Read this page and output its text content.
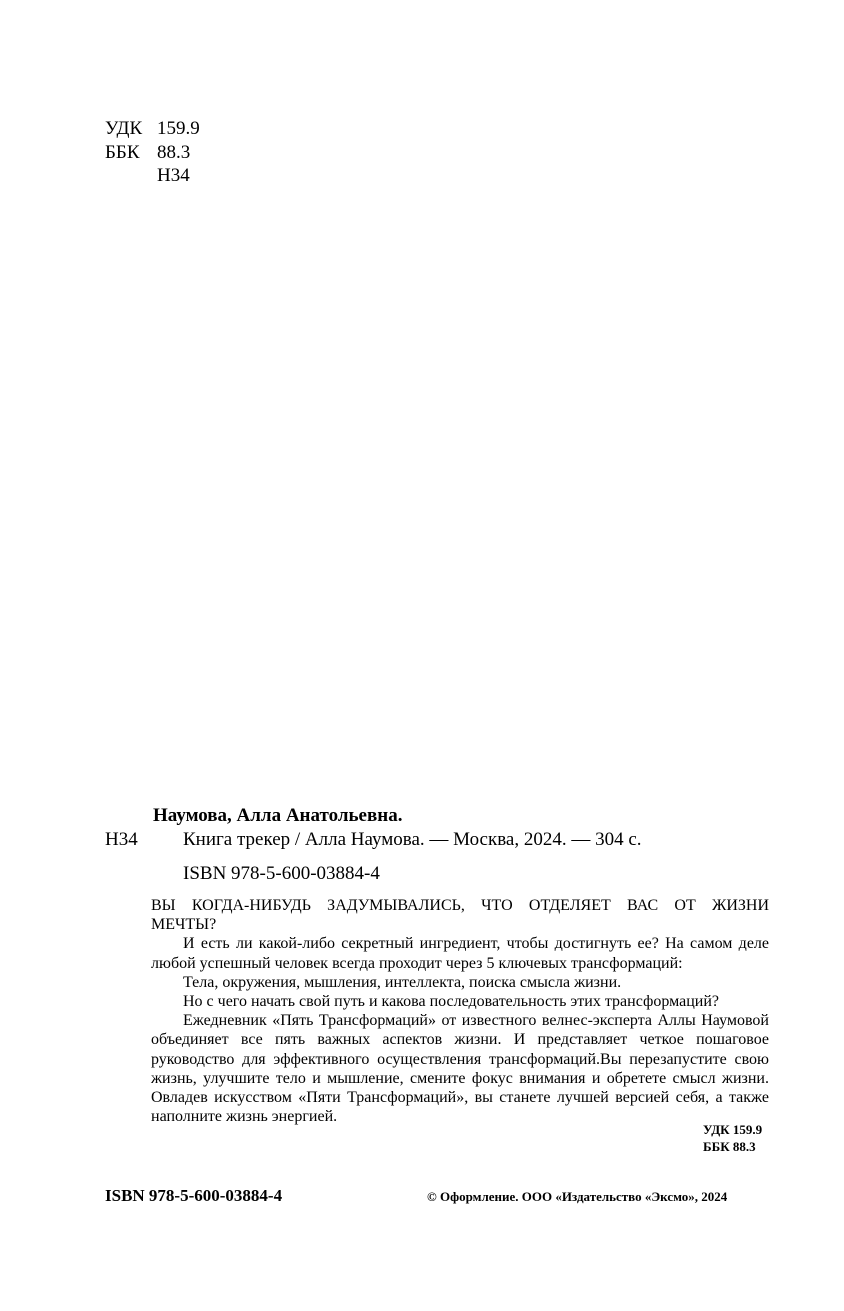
УДК 159.9
ББК 88.3
Н34
Наумова, Алла Анатольевна.
Н34 Книга трекер / Алла Наумова. — Москва, 2024. — 304 с.
ISBN 978-5-600-03884-4

ВЫ КОГДА-НИБУДЬ ЗАДУМЫВАЛИСЬ, ЧТО ОТДЕЛЯЕТ ВАС ОТ ЖИЗНИ

МЕЧТЫ?

И есть ли какой-либо секретный ингредиент, чтобы достигнуть ее? На самом деле любой успешный человек всегда проходит через 5 ключевых трансформаций:

Тела, окружения, мышления, интеллекта, поиска смысла жизни.

Но с чего начать свой путь и какова последовательность этих трансформаций?

Ежедневник «Пять Трансформаций» от известного велнес-эксперта Аллы Наумовой объединяет все пять важных аспектов жизни. И представляет четкое пошаговое руководство для эффективного осуществления трансформаций.Вы перезапустите свою жизнь, улучшите тело и мышление, смените фокус внимания и обретете смысл жизни. Овладев искусством «Пяти Трансформаций», вы станете лучшей версией себя, а также наполните жизнь энергией.

УДК 159.9
ББК 88.3
ISBN 978-5-600-03884-4	© Оформление. ООО «Издательство «Эксмо», 2024
